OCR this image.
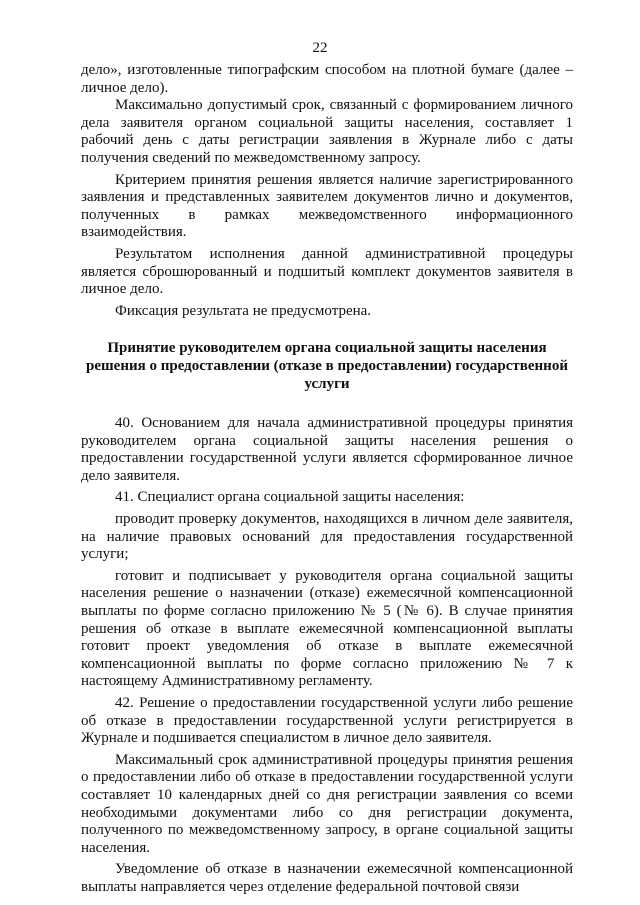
22

дело», изготовленные типографским способом на плотной бумаге (далее – личное дело).

Максимально допустимый срок, связанный с формированием личного дела заявителя органом социальной защиты населения, составляет 1 рабочий день с даты регистрации заявления в Журнале либо с даты получения сведений по межведомственному запросу.

Критерием принятия решения является наличие зарегистрированного заявления и представленных заявителем документов лично и документов, полученных в рамках межведомственного информационного взаимодействия.

Результатом исполнения данной административной процедуры является сброшюрованный и подшитый комплект документов заявителя в личное дело.

Фиксация результата не предусмотрена.

Принятие руководителем органа социальной защиты населения
решения о предоставлении (отказе в предоставлении) государственной
услуги

40. Основанием для начала административной процедуры принятия руководителем органа социальной защиты населения решения о предоставлении государственной услуги является сформированное личное дело заявителя.

41. Специалист органа социальной защиты населения:

проводит проверку документов, находящихся в личном деле заявителя, на наличие правовых оснований для предоставления государственной услуги;

готовит и подписывает у руководителя органа социальной защиты населения решение о назначении (отказе) ежемесячной компенсационной выплаты по форме согласно приложению № 5 (№ 6). В случае принятия решения об отказе в выплате ежемесячной компенсационной выплаты готовит проект уведомления об отказе в выплате ежемесячной компенсационной выплаты по форме согласно приложению № 7 к настоящему Административному регламенту.

42. Решение о предоставлении государственной услуги либо решение об отказе в предоставлении государственной услуги регистрируется в Журнале и подшивается специалистом в личное дело заявителя.

Максимальный срок административной процедуры принятия решения о предоставлении либо об отказе в предоставлении государственной услуги составляет 10 календарных дней со дня регистрации заявления со всеми необходимыми документами либо со дня регистрации документа, полученного по межведомственному запросу, в органе социальной защиты населения.

Уведомление об отказе в назначении ежемесячной компенсационной выплаты направляется через отделение федеральной почтовой связи
